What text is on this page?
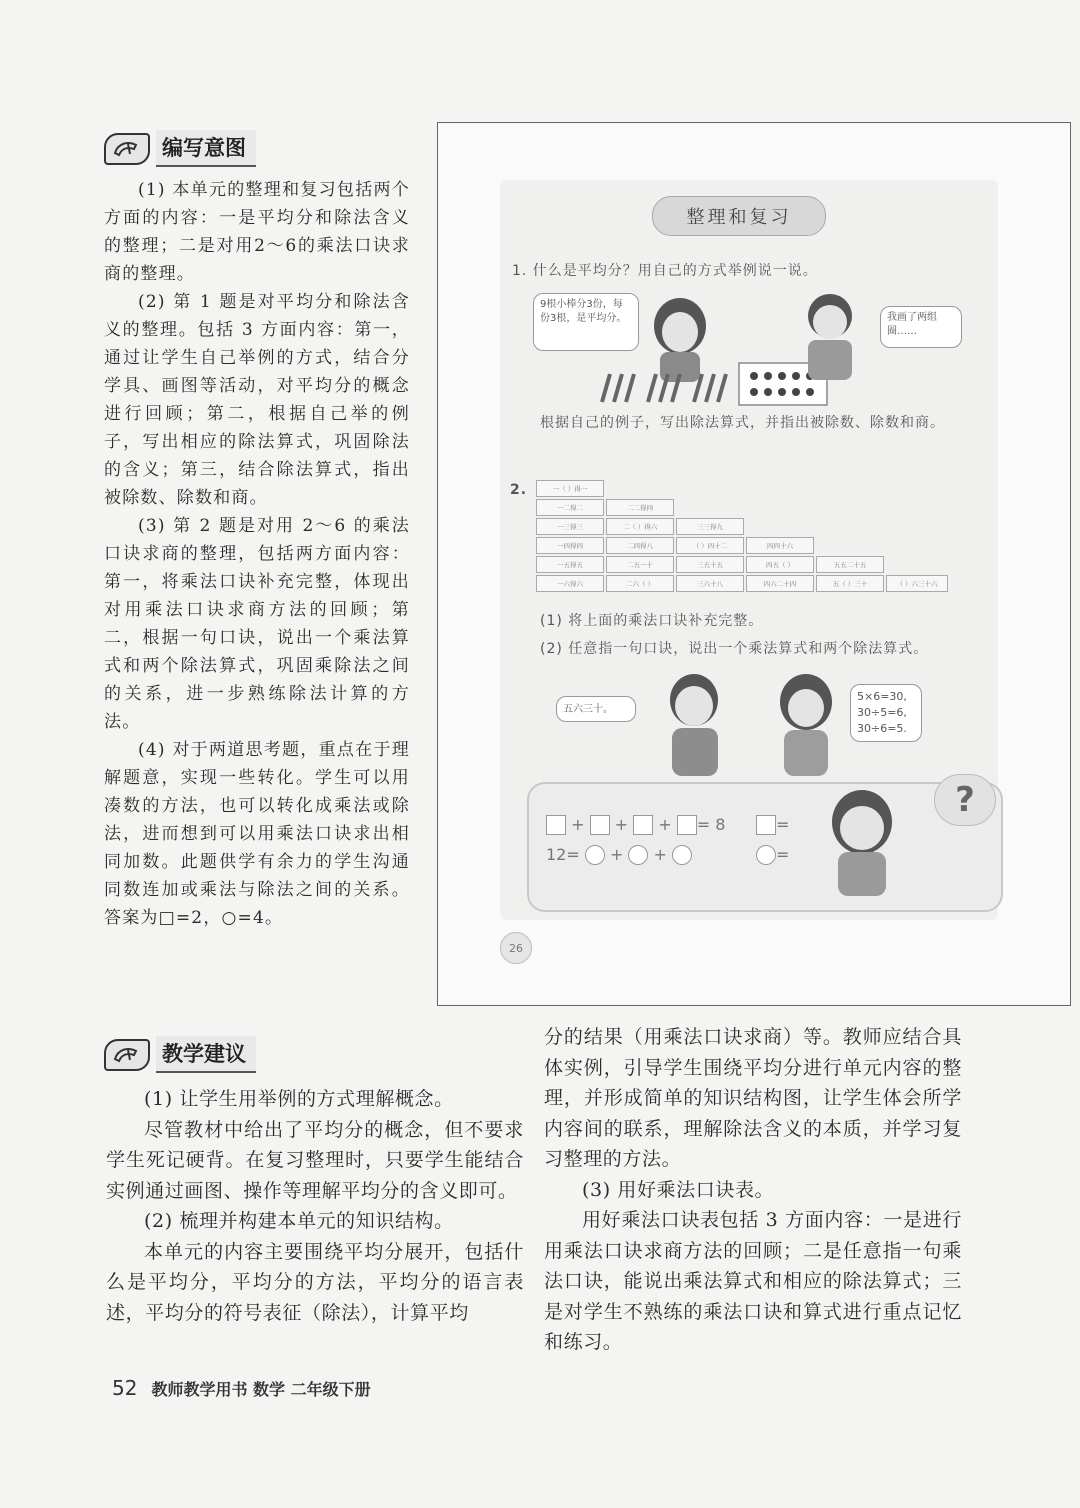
编写意图

(1) 本单元的整理和复习包括两个方面的内容：一是平均分和除法含义的整理；二是对用2～6的乘法口诀求商的整理。

(2) 第 1 题是对平均分和除法含义的整理。包括 3 方面内容：第一，通过让学生自己举例的方式，结合分学具、画图等活动，对平均分的概念进行回顾；第二，根据自己举的例子，写出相应的除法算式，巩固除法的含义；第三，结合除法算式，指出被除数、除数和商。

(3) 第 2 题是对用 2～6 的乘法口诀求商的整理，包括两方面内容：第一，将乘法口诀补充完整，体现出对用乘法口诀求商方法的回顾；第二，根据一句口诀，说出一个乘法算式和两个除法算式，巩固乘除法之间的关系，进一步熟练除法计算的方法。

(4) 对于两道思考题，重点在于理解题意，实现一些转化。学生可以用凑数的方法，也可以转化成乘法或除法，进而想到可以用乘法口诀求出相同加数。此题供学有余力的学生沟通同数连加或乘法与除法之间的关系。答案为□=2，○=4。

整理和复习
1. 什么是平均分？用自己的方式举例说一说。
9根小棒分3份，每份3根，是平均分。	我画了两组圈……
根据自己的例子，写出除法算式，并指出被除数、除数和商。
2.	一（ ）得一
一二得二	二二得四
一三得三	二（ ）得六	三三得九
一四得四	二四得八	（ ）四十二	四四十六
一五得五	二五一十	三五十五	四五（ ）	五五二十五
一六得六	二六（ ）	三六十八	四六二十四	五（ ）三十	（ ）六三十六
(1) 将上面的乘法口诀补充完整。
(2) 任意指一句口诀，说出一个乘法算式和两个除法算式。
五六三十。
5×6=30,
30÷5=6,
30÷6=5.
+  +  + = 8
12=  +  +
=
=
?
26
教学建议

(1) 让学生用举例的方式理解概念。

尽管教材中给出了平均分的概念，但不要求学生死记硬背。在复习整理时，只要学生能结合实例通过画图、操作等理解平均分的含义即可。

(2) 梳理并构建本单元的知识结构。

本单元的内容主要围绕平均分展开，包括什么是平均分，平均分的方法，平均分的语言表述，平均分的符号表征（除法），计算平均

分的结果（用乘法口诀求商）等。教师应结合具体实例，引导学生围绕平均分进行单元内容的整理，并形成简单的知识结构图，让学生体会所学内容间的联系，理解除法含义的本质，并学习复习整理的方法。

(3) 用好乘法口诀表。

用好乘法口诀表包括 3 方面内容：一是进行用乘法口诀求商方法的回顾；二是任意指一句乘法口诀，能说出乘法算式和相应的除法算式；三是对学生不熟练的乘法口诀和算式进行重点记忆和练习。

52 教师教学用书 数学 二年级下册
